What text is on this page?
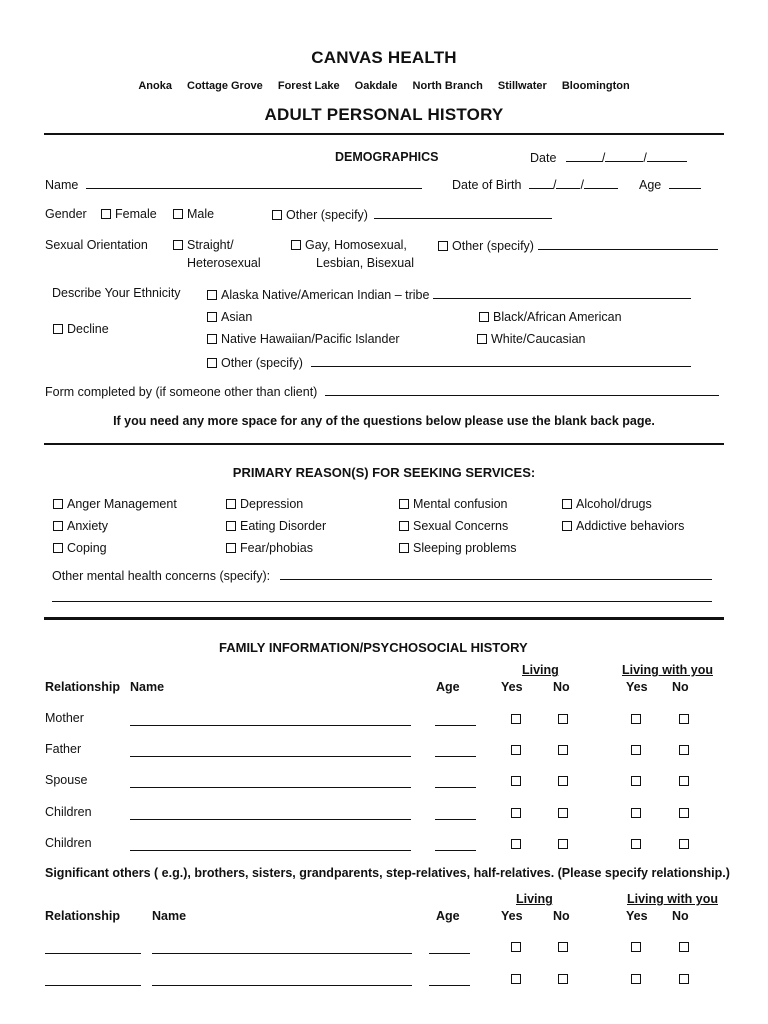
CANVAS HEALTH
Anoka Cottage Grove Forest Lake Oakdale North Branch Stillwater Bloomington
ADULT PERSONAL HISTORY
DEMOGRAPHICS	Date	/	/
Name	Date of Birth	/ /	Age
Gender	Female	Male	Other (specify)
Sexual Orientation	Straight/
Heterosexual
Gay, Homosexual,
Lesbian, Bisexual
Other (specify)
Describe Your Ethnicity
Decline
Alaska Native/American Indian – tribe
Asian
Native Hawaiian/Pacific Islander
Other (specify)
Black/African American
White/Caucasian
Form completed by (if someone other than client)
If you need any more space for any of the questions below please use the blank back page.
PRIMARY REASON(S) FOR SEEKING SERVICES:
Anger Management
Anxiety
Coping
Depression
Eating Disorder
Fear/phobias
Mental confusion
Sexual Concerns
Sleeping problems
Alcohol/drugs
Addictive behaviors
Other mental health concerns (specify):
FAMILY INFORMATION/PSYCHOSOCIAL HISTORY
Living	Living with you
Relationship Name	Age	Yes No	Yes No
Mother
Father
Spouse
Children
Children
Significant others ( e.g.), brothers, sisters, grandparents, step-relatives, half-relatives. (Please specify relationship.)
Living	Living with you
Relationship	Name	Age	Yes No	Yes No
